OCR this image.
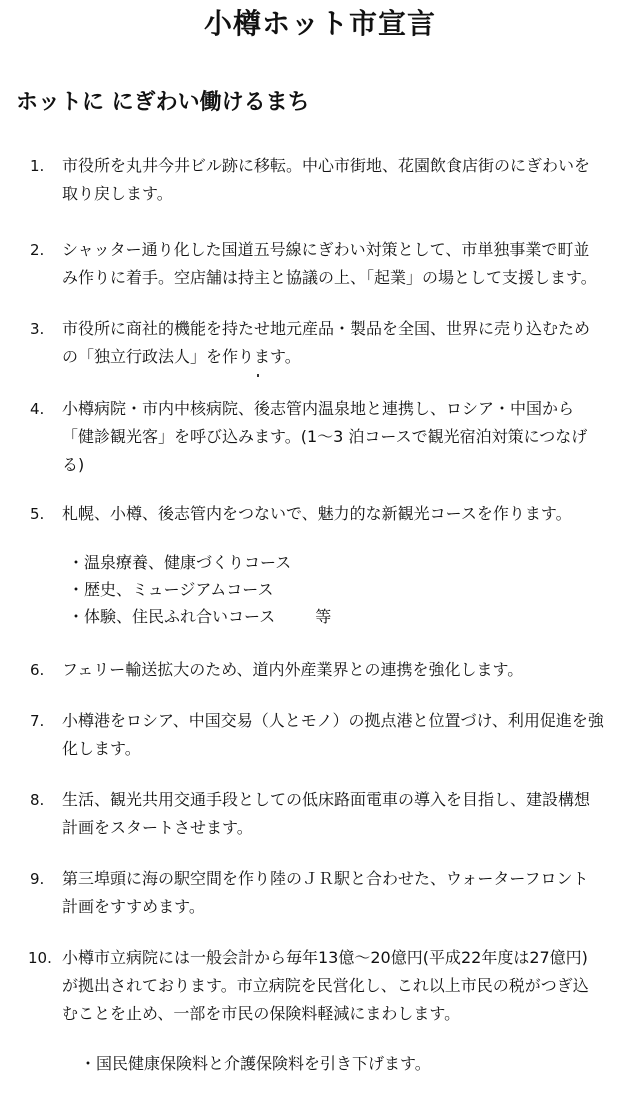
小樽ホット市宣言
ホットに にぎわい働けるまち
1.	市役所を丸井今井ビル跡に移転。中心市街地、花園飲食店街のにぎわいを
取り戻します。
2.	シャッター通り化した国道五号線にぎわい対策として、市単独事業で町並
み作りに着手。空店舗は持主と協議の上、「起業」の場として支援します。
3.	市役所に商社的機能を持たせ地元産品・製品を全国、世界に売り込むため
の「独立行政法人」を作ります。
4.	小樽病院・市内中核病院、後志管内温泉地と連携し、ロシア・中国から
「健診観光客」を呼び込みます。(1～3 泊コースで観光宿泊対策につなげ
る)
5.	札幌、小樽、後志管内をつないで、魅力的な新観光コースを作ります。
・温泉療養、健康づくりコース
・歴史、ミュージアムコース
・体験、住民ふれ合いコース	等
6.	フェリー輸送拡大のため、道内外産業界との連携を強化します。
7.	小樽港をロシア、中国交易（人とモノ）の拠点港と位置づけ、利用促進を強
化します。
8.	生活、観光共用交通手段としての低床路面電車の導入を目指し、建設構想
計画をスタートさせます。
9.	第三埠頭に海の駅空間を作り陸のＪＲ駅と合わせた、ウォーターフロント
計画をすすめます。
10. 小樽市立病院には一般会計から毎年13億～20億円(平成22年度は27億円)
が拠出されております。市立病院を民営化し、これ以上市民の税がつぎ込
むことを止め、一部を市民の保険料軽減にまわします。
・国民健康保険料と介護保険料を引き下げます。
